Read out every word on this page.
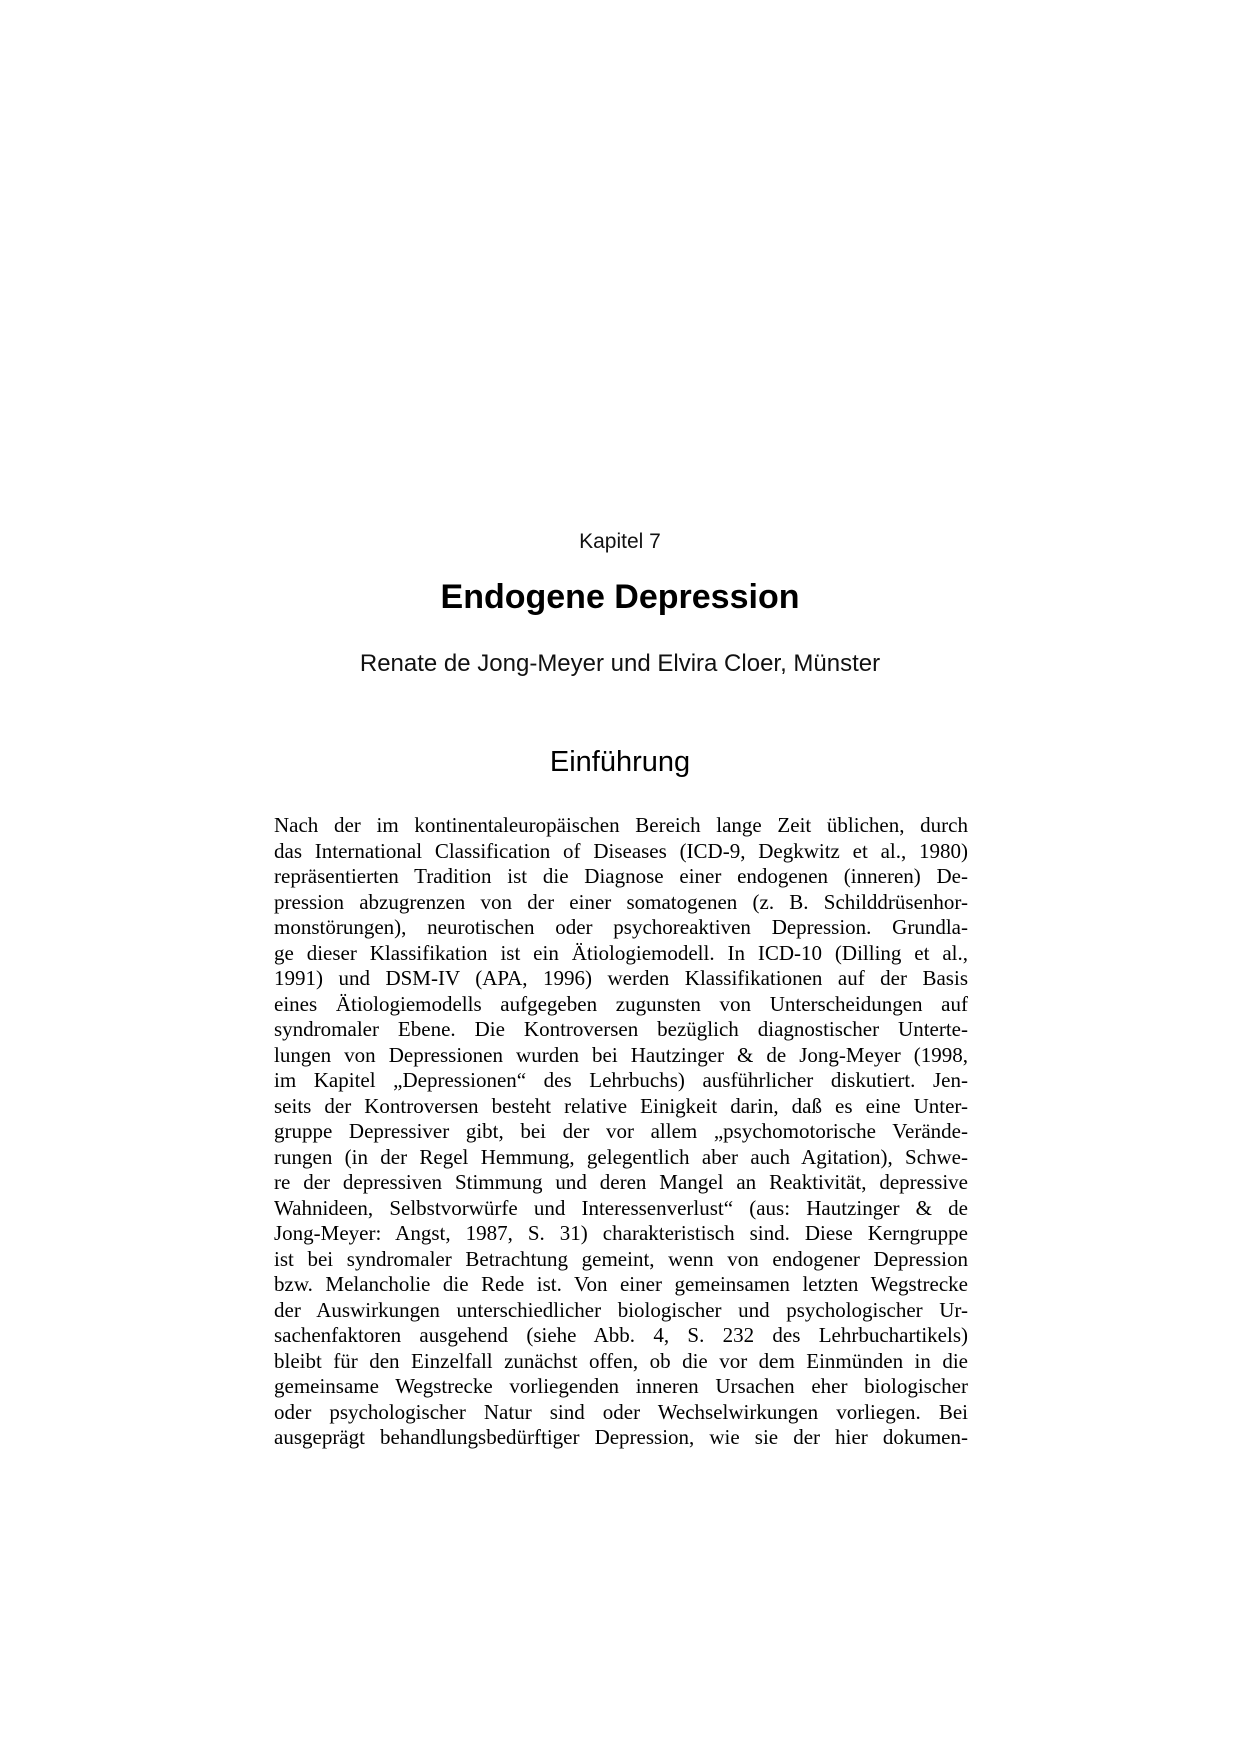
Kapitel 7

Endogene Depression

Renate de Jong-Meyer und Elvira Cloer, Münster

Einführung
Nach der im kontinentaleuropäischen Bereich lange Zeit üblichen, durch
das International Classification of Diseases (ICD-9, Degkwitz et al., 1980)
repräsentierten Tradition ist die Diagnose einer endogenen (inneren) De-
pression abzugrenzen von der einer somatogenen (z. B. Schilddrüsenhor-
monstörungen), neurotischen oder psychoreaktiven Depression. Grundla-
ge dieser Klassifikation ist ein Ätiologiemodell. In ICD-10 (Dilling et al.,
1991) und DSM-IV (APA, 1996) werden Klassifikationen auf der Basis
eines Ätiologiemodells aufgegeben zugunsten von Unterscheidungen auf
syndromaler Ebene. Die Kontroversen bezüglich diagnostischer Unterte-
lungen von Depressionen wurden bei Hautzinger & de Jong-Meyer (1998,
im Kapitel „Depressionen“ des Lehrbuchs) ausführlicher diskutiert. Jen-
seits der Kontroversen besteht relative Einigkeit darin, daß es eine Unter-
gruppe Depressiver gibt, bei der vor allem „psychomotorische Verände-
rungen (in der Regel Hemmung, gelegentlich aber auch Agitation), Schwe-
re der depressiven Stimmung und deren Mangel an Reaktivität, depressive
Wahnideen, Selbstvorwürfe und Interessenverlust“ (aus: Hautzinger & de
Jong-Meyer: Angst, 1987, S. 31) charakteristisch sind. Diese Kerngruppe
ist bei syndromaler Betrachtung gemeint, wenn von endogener Depression
bzw. Melancholie die Rede ist. Von einer gemeinsamen letzten Wegstrecke
der Auswirkungen unterschiedlicher biologischer und psychologischer Ur-
sachenfaktoren ausgehend (siehe Abb. 4, S. 232 des Lehrbuchartikels)
bleibt für den Einzelfall zunächst offen, ob die vor dem Einmünden in die
gemeinsame Wegstrecke vorliegenden inneren Ursachen eher biologischer
oder psychologischer Natur sind oder Wechselwirkungen vorliegen. Bei
ausgeprägt behandlungsbedürftiger Depression, wie sie der hier dokumen-
